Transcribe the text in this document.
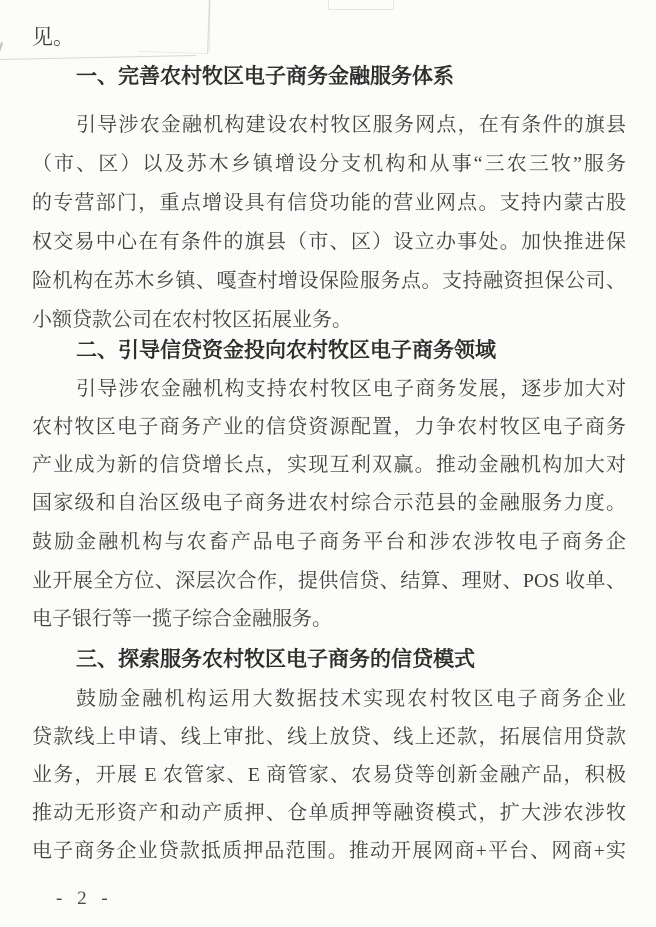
见。
一、完善农村牧区电子商务金融服务体系
引导涉农金融机构建设农村牧区服务网点，在有条件的旗县
（市、区）以及苏木乡镇增设分支机构和从事“三农三牧”服务
的专营部门，重点增设具有信贷功能的营业网点。支持内蒙古股
权交易中心在有条件的旗县（市、区）设立办事处。加快推进保
险机构在苏木乡镇、嘎查村增设保险服务点。支持融资担保公司、
小额贷款公司在农村牧区拓展业务。
二、引导信贷资金投向农村牧区电子商务领域
引导涉农金融机构支持农村牧区电子商务发展，逐步加大对
农村牧区电子商务产业的信贷资源配置，力争农村牧区电子商务
产业成为新的信贷增长点，实现互利双赢。推动金融机构加大对
国家级和自治区级电子商务进农村综合示范县的金融服务力度。
鼓励金融机构与农畜产品电子商务平台和涉农涉牧电子商务企
业开展全方位、深层次合作，提供信贷、结算、理财、POS 收单、
电子银行等一揽子综合金融服务。
三、探索服务农村牧区电子商务的信贷模式
鼓励金融机构运用大数据技术实现农村牧区电子商务企业
贷款线上申请、线上审批、线上放贷、线上还款，拓展信用贷款
业务，开展 E 农管家、E 商管家、农易贷等创新金融产品，积极
推动无形资产和动产质押、仓单质押等融资模式，扩大涉农涉牧
电子商务企业贷款抵质押品范围。推动开展网商+平台、网商+实
- 2 -
